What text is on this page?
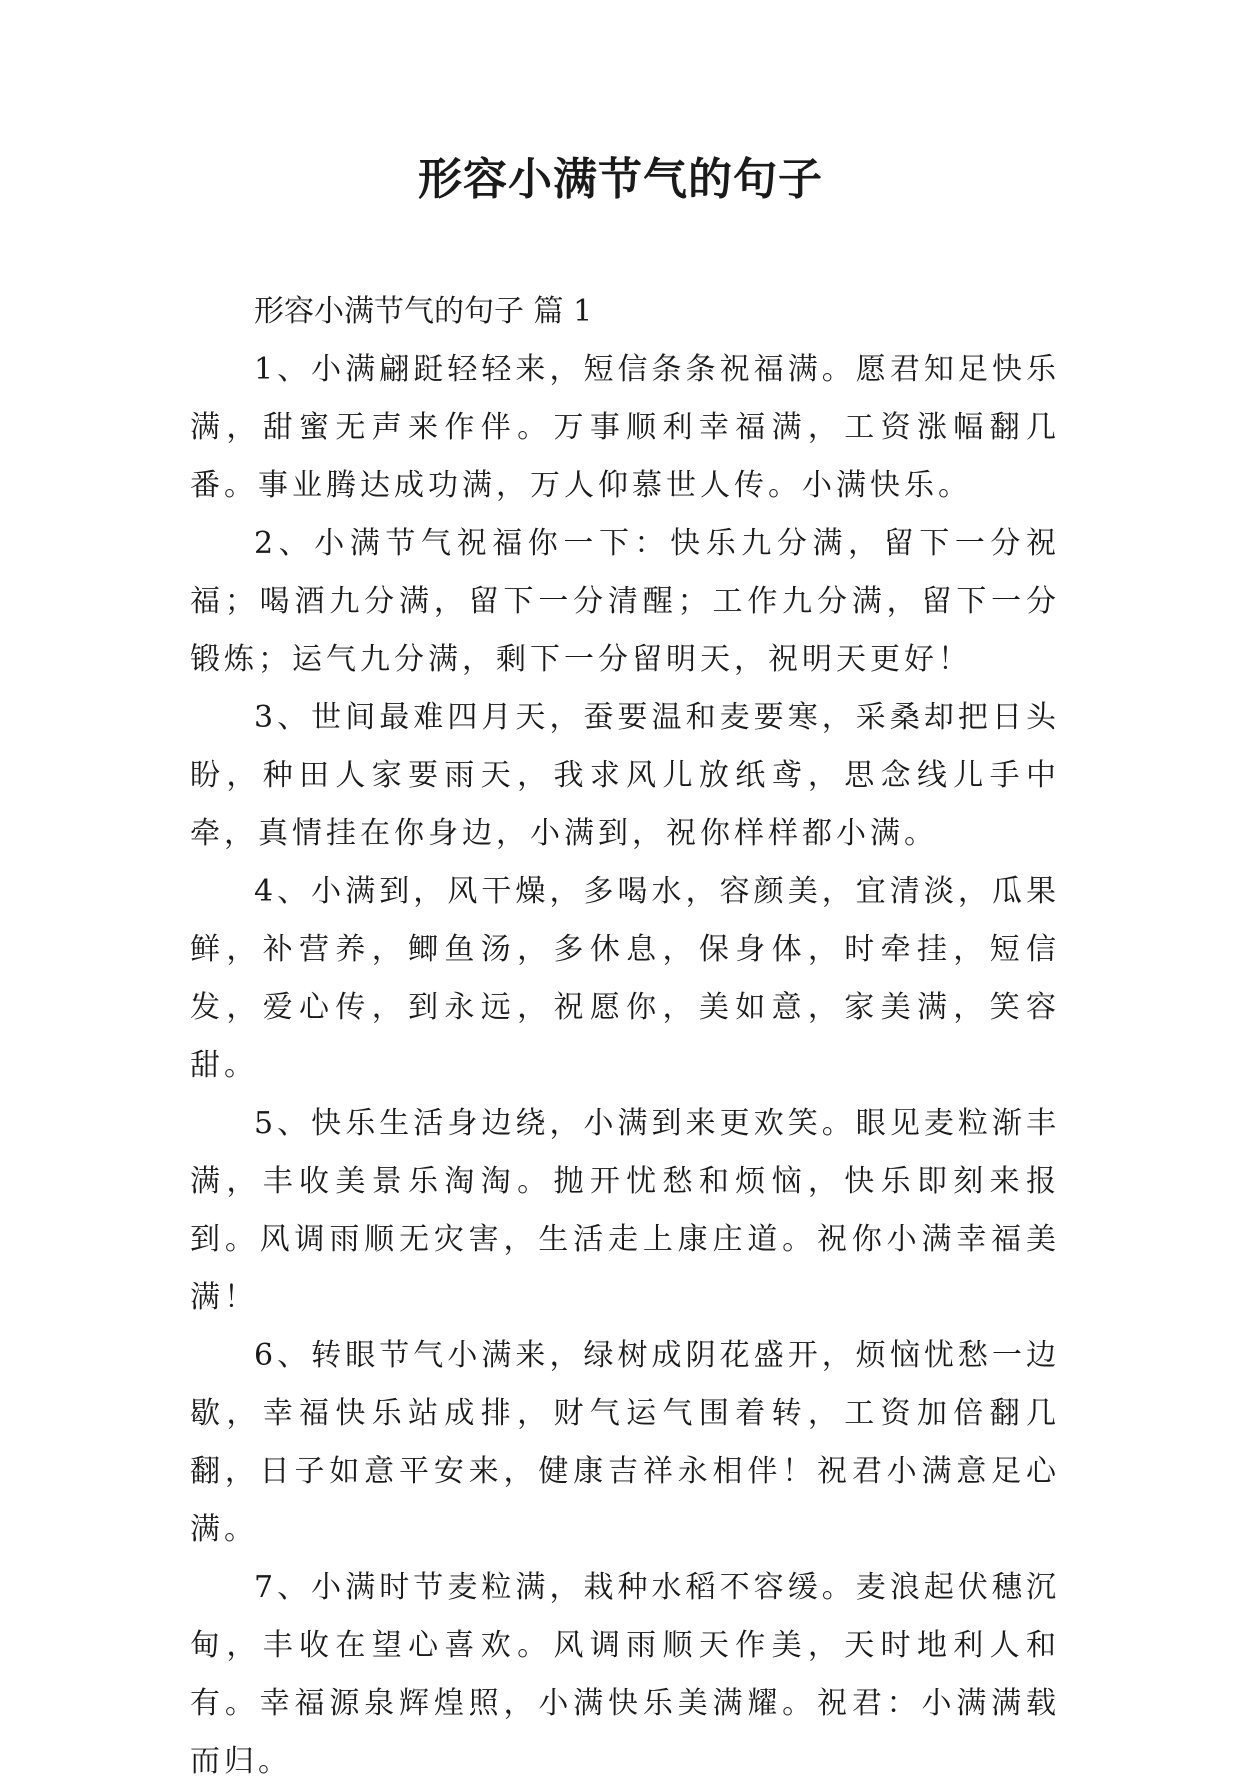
形容小满节气的句子

形容小满节气的句子 篇 1

1、小满翩跹轻轻来，短信条条祝福满。愿君知足快乐满，甜蜜无声来作伴。万事顺利幸福满，工资涨幅翻几番。事业腾达成功满，万人仰慕世人传。小满快乐。

2、小满节气祝福你一下：快乐九分满，留下一分祝福；喝酒九分满，留下一分清醒；工作九分满，留下一分锻炼；运气九分满，剩下一分留明天，祝明天更好！

3、世间最难四月天，蚕要温和麦要寒，采桑却把日头盼，种田人家要雨天，我求风儿放纸鸢，思念线儿手中牵，真情挂在你身边，小满到，祝你样样都小满。

4、小满到，风干燥，多喝水，容颜美，宜清淡，瓜果鲜，补营养，鲫鱼汤，多休息，保身体，时牵挂，短信发，爱心传，到永远，祝愿你，美如意，家美满，笑容甜。

5、快乐生活身边绕，小满到来更欢笑。眼见麦粒渐丰满，丰收美景乐淘淘。抛开忧愁和烦恼，快乐即刻来报到。风调雨顺无灾害，生活走上康庄道。祝你小满幸福美满！

6、转眼节气小满来，绿树成阴花盛开，烦恼忧愁一边歇，幸福快乐站成排，财气运气围着转，工资加倍翻几翻，日子如意平安来，健康吉祥永相伴！祝君小满意足心满。

7、小满时节麦粒满，栽种水稻不容缓。麦浪起伏穗沉甸，丰收在望心喜欢。风调雨顺天作美，天时地利人和有。幸福源泉辉煌照，小满快乐美满耀。祝君：小满满载而归。
